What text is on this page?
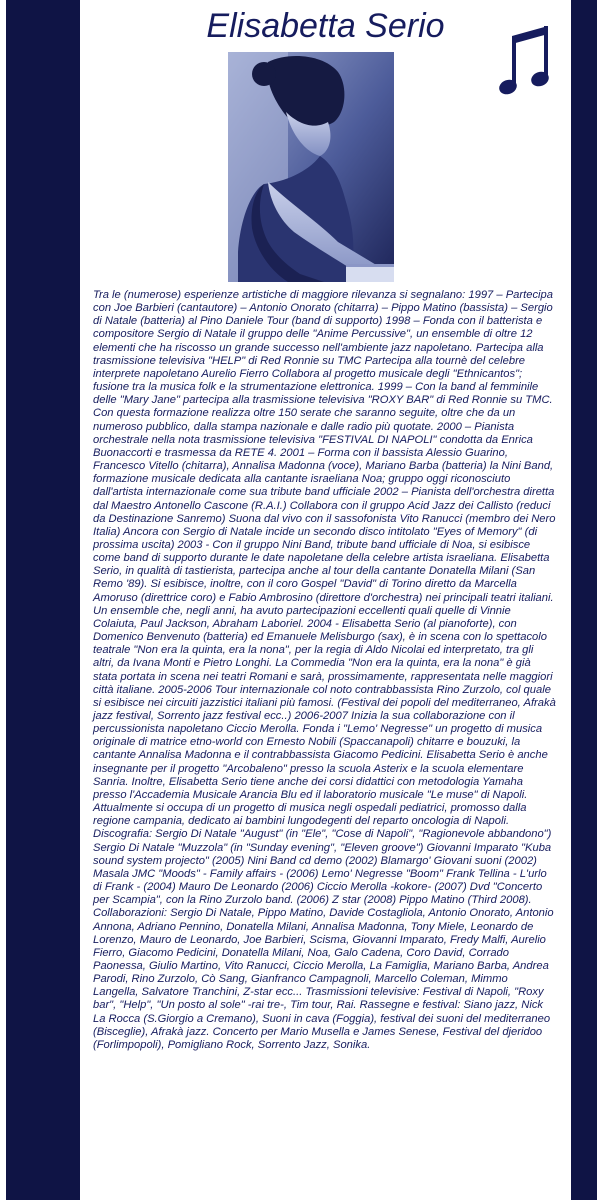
Elisabetta Serio

Tra le (numerose) esperienze artistiche di maggiore rilevanza si segnalano: 1997 – Partecipa con Joe Barbieri (cantautore) – Antonio Onorato (chitarra) – Pippo Matino (bassista) – Sergio di Natale (batteria) al Pino Daniele Tour (band di supporto) 1998 – Fonda con il batterista e compositore Sergio di Natale il gruppo delle "Anime Percussive", un ensemble di oltre 12 elementi che ha riscosso un grande successo nell'ambiente jazz napoletano. Partecipa alla trasmissione televisiva "HELP" di Red Ronnie su TMC Partecipa alla tournè del celebre interprete napoletano Aurelio Fierro Collabora al progetto musicale degli "Ethnicantos"; fusione tra la musica folk e la strumentazione elettronica. 1999 – Con la band al femminile delle "Mary Jane" partecipa alla trasmissione televisiva "ROXY BAR" di Red Ronnie su TMC. Con questa formazione realizza oltre 150 serate che saranno seguite, oltre che da un numeroso pubblico, dalla stampa nazionale e dalle radio più quotate. 2000 – Pianista orchestrale nella nota trasmissione televisiva "FESTIVAL DI NAPOLI" condotta da Enrica Buonaccorti e trasmessa da RETE 4. 2001 – Forma con il bassista Alessio Guarino, Francesco Vitello (chitarra), Annalisa Madonna (voce), Mariano Barba (batteria) la Nini Band, formazione musicale dedicata alla cantante israeliana Noa; gruppo oggi riconosciuto dall'artista internazionale come sua tribute band ufficiale 2002 – Pianista dell'orchestra diretta dal Maestro Antonello Cascone (R.A.I.) Collabora con il gruppo Acid Jazz dei Callisto (reduci da Destinazione Sanremo) Suona dal vivo con il sassofonista Vito Ranucci (membro dei Nero Italia) Ancora con Sergio di Natale incide un secondo disco intitolato "Eyes of Memory" (di prossima uscita) 2003 - Con il gruppo Nini Band, tribute band ufficiale di Noa, si esibisce come band di supporto durante le date napoletane della celebre artista israeliana. Elisabetta Serio, in qualità di tastierista, partecipa anche al tour della cantante Donatella Milani (San Remo '89). Si esibisce, inoltre, con il coro Gospel "David" di Torino diretto da Marcella Amoruso (direttrice coro) e Fabio Ambrosino (direttore d'orchestra) nei principali teatri italiani. Un ensemble che, negli anni, ha avuto partecipazioni eccellenti quali quelle di Vinnie Colaiuta, Paul Jackson, Abraham Laboriel. 2004 - Elisabetta Serio (al pianoforte), con Domenico Benvenuto (batteria) ed Emanuele Melisburgo (sax), è in scena con lo spettacolo teatrale "Non era la quinta, era la nona", per la regia di Aldo Nicolai ed interpretato, tra gli altri, da Ivana Monti e Pietro Longhi. La Commedia "Non era la quinta, era la nona" è già stata portata in scena nei teatri Romani e sarà, prossimamente, rappresentata nelle maggiori città italiane. 2005-2006 Tour internazionale col noto contrabbassista Rino Zurzolo, col quale si esibisce nei circuiti jazzistici italiani più famosi. (Festival dei popoli del mediterraneo, Afrakà jazz festival, Sorrento jazz festival ecc..) 2006-2007 Inizia la sua collaborazione con il percussionista napoletano Ciccio Merolla. Fonda i "Lemo' Negresse" un progetto di musica originale di matrice etno-world con Ernesto Nobili (Spaccanapoli) chitarre e bouzuki, la cantante Annalisa Madonna e il contrabbassista Giacomo Pedicini. Elisabetta Serio è anche insegnante per il progetto "Arcobaleno" presso la scuola Asterix e la scuola elementare Sanria. Inoltre, Elisabetta Serio tiene anche dei corsi didattici con metodologia Yamaha presso l'Accademia Musicale Arancia Blu ed il laboratorio musicale "Le muse" di Napoli. Attualmente si occupa di un progetto di musica negli ospedali pediatrici, promosso dalla regione campania, dedicato ai bambini lungodegenti del reparto oncologia di Napoli. Discografia: Sergio Di Natale "August" (in "Ele", "Cose di Napoli", "Ragionevole abbandono") Sergio Di Natale "Muzzola" (in "Sunday evening", "Eleven groove") Giovanni Imparato "Kuba sound system projecto" (2005) Nini Band cd demo (2002) Blamargo' Giovani suoni (2002) Masala JMC "Moods" - Family affairs - (2006) Lemo' Negresse "Boom" Frank Tellina - L'urlo di Frank - (2004) Mauro De Leonardo (2006) Ciccio Merolla -kokore- (2007) Dvd "Concerto per Scampia", con la Rino Zurzolo band. (2006) Z star (2008) Pippo Matino (Third 2008). Collaborazioni: Sergio Di Natale, Pippo Matino, Davide Costagliola, Antonio Onorato, Antonio Annona, Adriano Pennino, Donatella Milani, Annalisa Madonna, Tony Miele, Leonardo de Lorenzo, Mauro de Leonardo, Joe Barbieri, Scisma, Giovanni Imparato, Fredy Malfi, Aurelio Fierro, Giacomo Pedicini, Donatella Milani, Noa, Galo Cadena, Coro David, Corrado Paonessa, Giulio Martino, Vito Ranucci, Ciccio Merolla, La Famiglia, Mariano Barba, Andrea Parodi, Rino Zurzolo, Cò Sang, Gianfranco Campagnoli, Marcello Coleman, Mimmo Langella, Salvatore Tranchini, Z-star ecc... Trasmissioni televisive: Festival di Napoli, "Roxy bar", "Help", "Un posto al sole" -rai tre-, Tim tour, Rai. Rassegne e festival: Siano jazz, Nick La Rocca (S.Giorgio a Cremano), Suoni in cava (Foggia), festival dei suoni del mediterraneo (Bisceglie), Afrakà jazz. Concerto per Mario Musella e James Senese, Festival del djeridoo (Forlimpopoli), Pomigliano Rock, Sorrento Jazz, Sonika.
